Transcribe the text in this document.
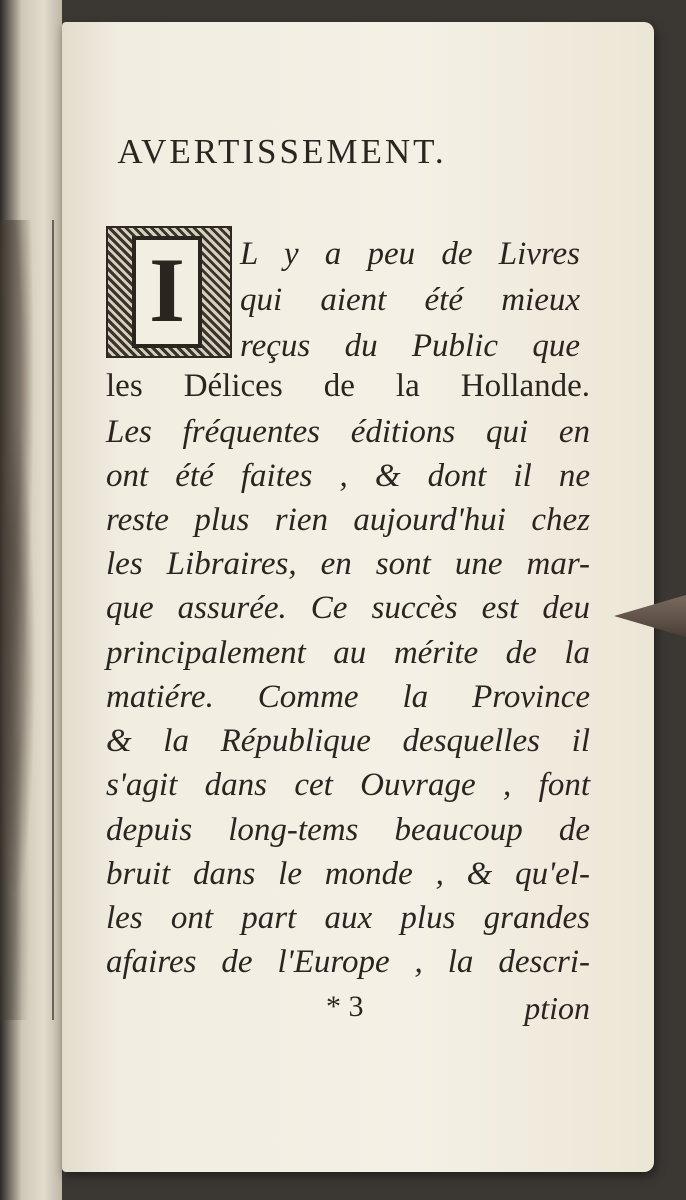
AVERTISSEMENT.
I	L y a peu de Livres
qui aient été mieux
reçus du Public que
les Délices de la Hollande.
Les fréquentes éditions qui en
ont été faites , & dont il ne
reste plus rien aujourd'hui chez
les Libraires, en sont une mar-
que assurée. Ce succès est deu
principalement au mérite de la
matiére. Comme la Province
& la République desquelles il
s'agit dans cet Ouvrage , font
depuis long-tems beaucoup de
bruit dans le monde , & qu'el-
les ont part aux plus grandes
afaires de l'Europe , la descri-
* 3	ption
